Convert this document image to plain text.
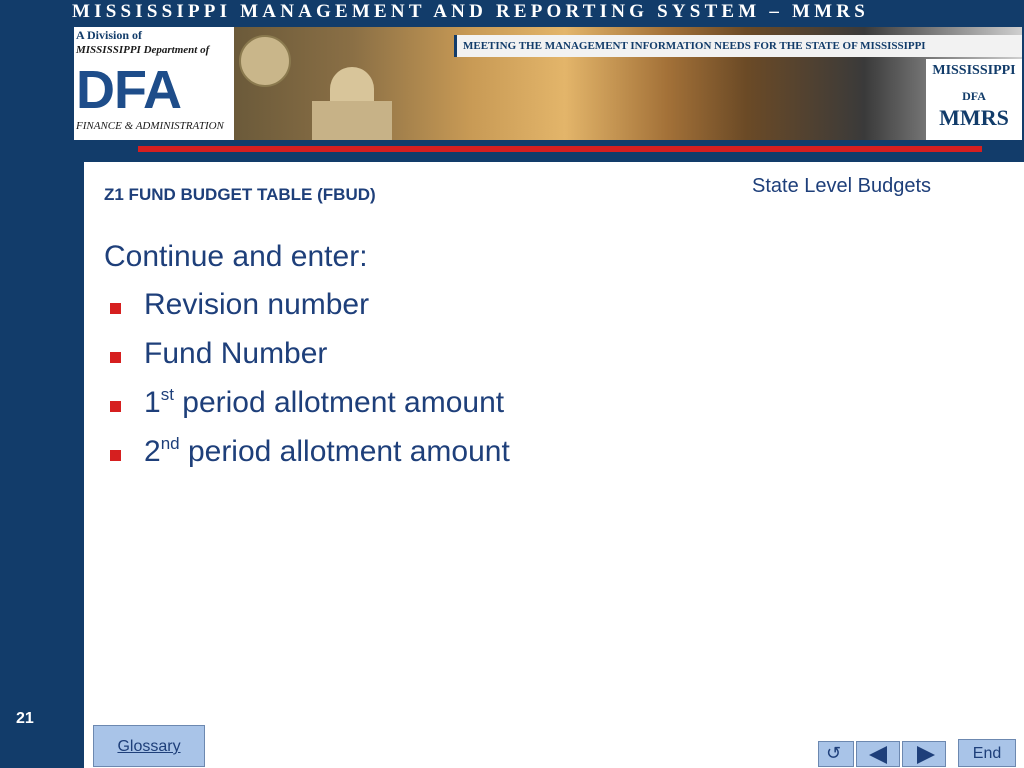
21
MISSISSIPPI MANAGEMENT AND REPORTING SYSTEM – MMRS
A Division of
MISSISSIPPI Department of
DFA
FINANCE & ADMINISTRATION
MEETING THE MANAGEMENT INFORMATION NEEDS FOR THE STATE OF MISSISSIPPI
MISSISSIPPI
DFA
MMRS
State Level Budgets
Z1 FUND BUDGET TABLE (FBUD)
Continue and enter:
Revision number
Fund Number
1st period allotment amount
2nd period allotment amount
Glossary	↺	End
